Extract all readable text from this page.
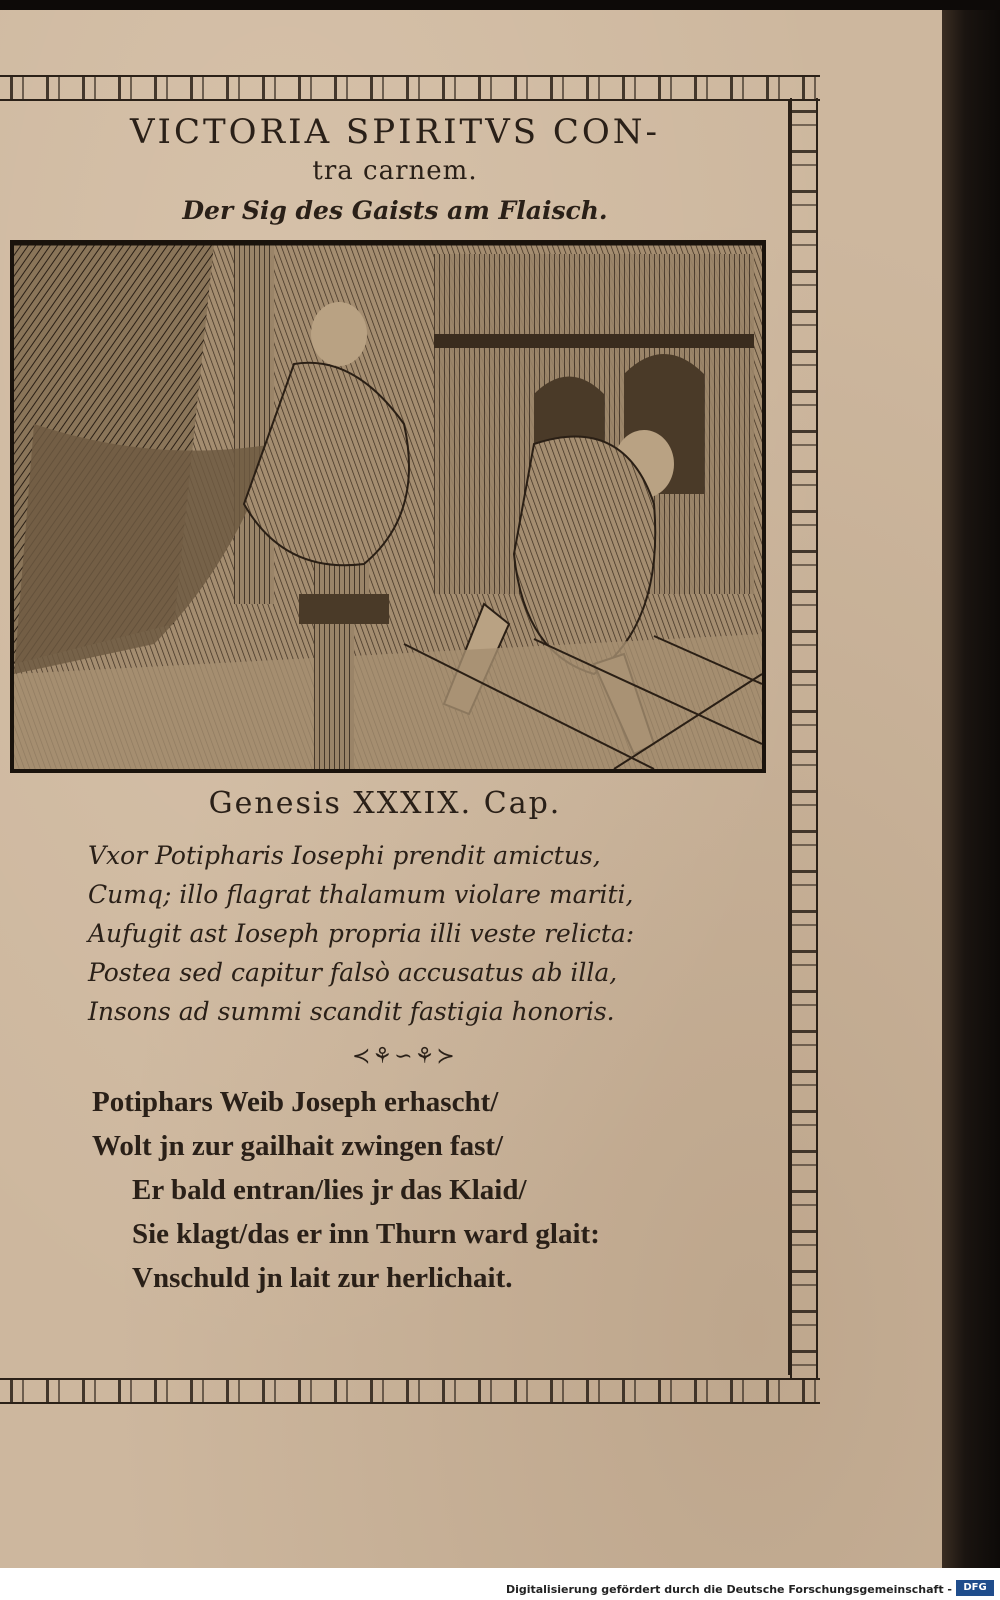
VICTORIA SPIRITVS CON-
tra carnem.
Der Sig des Gaists am Flaisch.
Genesis XXXIX. Cap.
Vxor Potipharis Iosephi prendit amictus,
Cumq; illo flagrat thalamum violare mariti,
Aufugit ast Ioseph propria illi veste relicta:
Postea sed capitur falsò accusatus ab illa,
Insons ad summi scandit fastigia honoris.
≺⚘∽⚘≻
Potiphars Weib Joseph erhascht/
Wolt jn zur gailhait zwingen fast/
Er bald entran/lies jr das Klaid/
Sie klagt/das er inn Thurn ward glait:
Vnschuld jn lait zur herlichait.
Digitalisierung gefördert durch die Deutsche Forschungsgemeinschaft -	DFG
